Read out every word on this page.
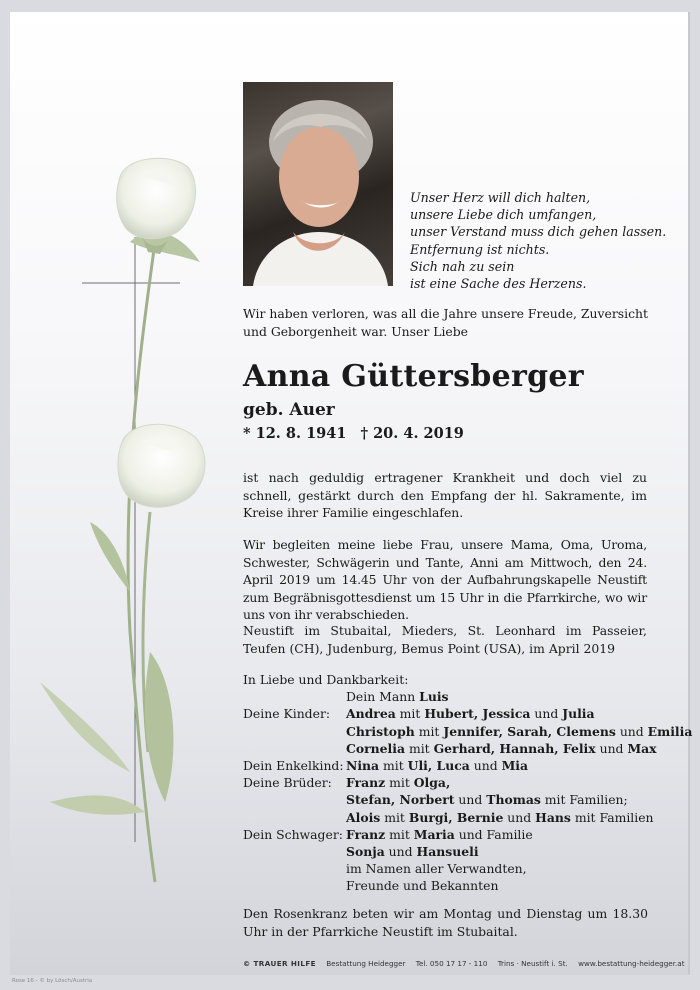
Unser Herz will dich halten,
unsere Liebe dich umfangen,
unser Verstand muss dich gehen lassen.
Entfernung ist nichts.
Sich nah zu sein
ist eine Sache des Herzens.
Wir haben verloren, was all die Jahre unsere Freude, Zuversicht und Geborgenheit war. Unser Liebe
Anna Güttersberger
geb. Auer
* 12. 8. 1941 † 20. 4. 2019
ist nach geduldig ertragener Krankheit und doch viel zu schnell, gestärkt durch den Empfang der hl. Sakramente, im Kreise ihrer Familie eingeschlafen.
Wir begleiten meine liebe Frau, unsere Mama, Oma, Uroma, Schwester, Schwägerin und Tante, Anni am Mittwoch, den 24. April 2019 um 14.45 Uhr von der Aufbahrungskapelle Neustift zum Begräbnisgottesdienst um 15 Uhr in die Pfarrkirche, wo wir uns von ihr verabschieden.
Neustift im Stubaital, Mieders, St. Leonhard im Passeier, Teufen (CH), Judenburg, Bemus Point (USA), im April 2019
In Liebe und Dankbarkeit:
Dein Mann Luis
Deine Kinder:	Andrea mit Hubert, Jessica und Julia
Christoph mit Jennifer, Sarah, Clemens und Emilia
Cornelia mit Gerhard, Hannah, Felix und Max
Dein Enkelkind: Nina mit Uli, Luca und Mia
Deine Brüder:	Franz mit Olga,
Stefan, Norbert und Thomas mit Familien;
Alois mit Burgi, Bernie und Hans mit Familien
Dein Schwager: Franz mit Maria und Familie
Sonja und Hansueli
im Namen aller Verwandten,
Freunde und Bekannten
Den Rosenkranz beten wir am Montag und Dienstag um 18.30 Uhr in der Pfarrkiche Neustift im Stubaital.
© TRAUER HILFE Bestattung Heidegger Tel. 050 17 17 - 110 Trins · Neustift i. St. www.bestattung-heidegger.at
Rose 16 - © by Lösch/Austria
